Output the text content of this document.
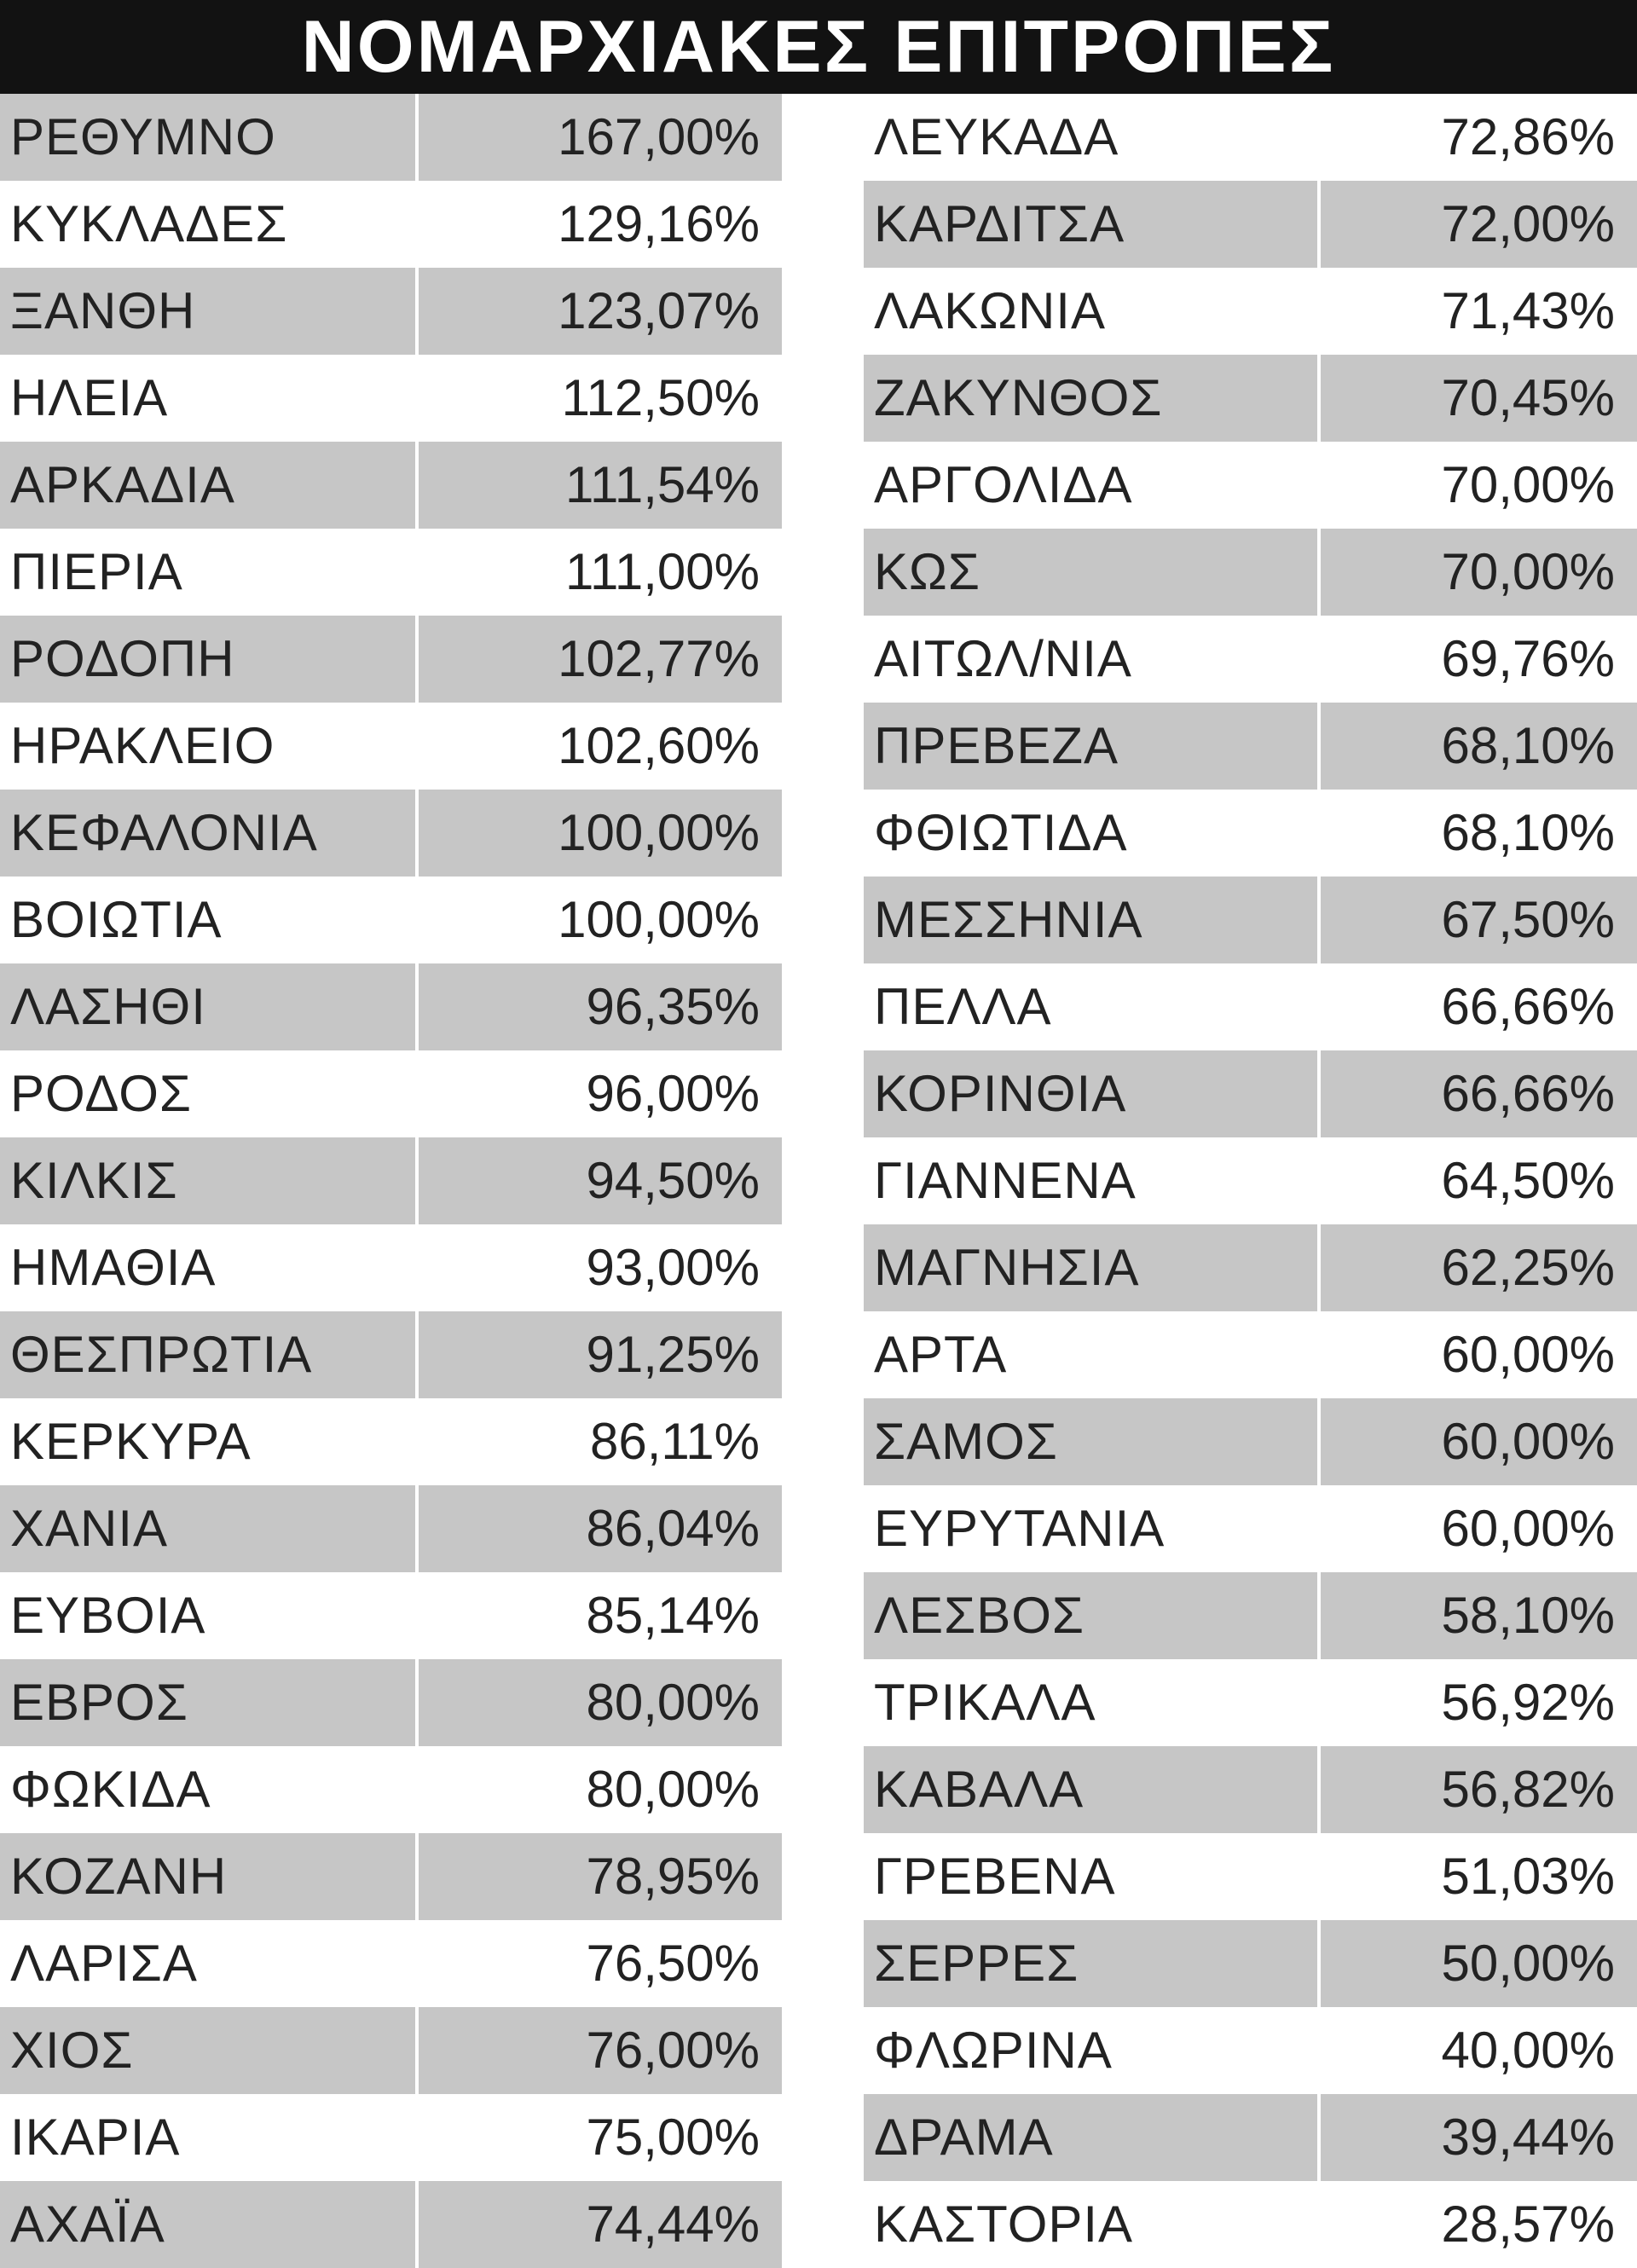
ΝΟΜΑΡΧΙΑΚΕΣ ΕΠΙΤΡΟΠΕΣ
ΡΕΘΥΜΝΟ	167,00%
ΚΥΚΛΑΔΕΣ	129,16%
ΞΑΝΘΗ	123,07%
ΗΛΕΙΑ	112,50%
ΑΡΚΑΔΙΑ	111,54%
ΠΙΕΡΙΑ	111,00%
ΡΟΔΟΠΗ	102,77%
ΗΡΑΚΛΕΙΟ	102,60%
ΚΕΦΑΛΟΝΙΑ	100,00%
ΒΟΙΩΤΙΑ	100,00%
ΛΑΣΗΘΙ	96,35%
ΡΟΔΟΣ	96,00%
ΚΙΛΚΙΣ	94,50%
ΗΜΑΘΙΑ	93,00%
ΘΕΣΠΡΩΤΙΑ	91,25%
ΚΕΡΚΥΡΑ	86,11%
ΧΑΝΙΑ	86,04%
ΕΥΒΟΙΑ	85,14%
ΕΒΡΟΣ	80,00%
ΦΩΚΙΔΑ	80,00%
ΚΟΖΑΝΗ	78,95%
ΛΑΡΙΣΑ	76,50%
ΧΙΟΣ	76,00%
ΙΚΑΡΙΑ	75,00%
ΑΧΑΪΑ	74,44%
ΛΕΥΚΑΔΑ	72,86%
ΚΑΡΔΙΤΣΑ	72,00%
ΛΑΚΩΝΙΑ	71,43%
ΖΑΚΥΝΘΟΣ	70,45%
ΑΡΓΟΛΙΔΑ	70,00%
ΚΩΣ	70,00%
ΑΙΤΩΛ/ΝΙΑ	69,76%
ΠΡΕΒΕΖΑ	68,10%
ΦΘΙΩΤΙΔΑ	68,10%
ΜΕΣΣΗΝΙΑ	67,50%
ΠΕΛΛΑ	66,66%
ΚΟΡΙΝΘΙΑ	66,66%
ΓΙΑΝΝΕΝΑ	64,50%
ΜΑΓΝΗΣΙΑ	62,25%
ΑΡΤΑ	60,00%
ΣΑΜΟΣ	60,00%
ΕΥΡΥΤΑΝΙΑ	60,00%
ΛΕΣΒΟΣ	58,10%
ΤΡΙΚΑΛΑ	56,92%
ΚΑΒΑΛΑ	56,82%
ΓΡΕΒΕΝΑ	51,03%
ΣΕΡΡΕΣ	50,00%
ΦΛΩΡΙΝΑ	40,00%
ΔΡΑΜΑ	39,44%
ΚΑΣΤΟΡΙΑ	28,57%
